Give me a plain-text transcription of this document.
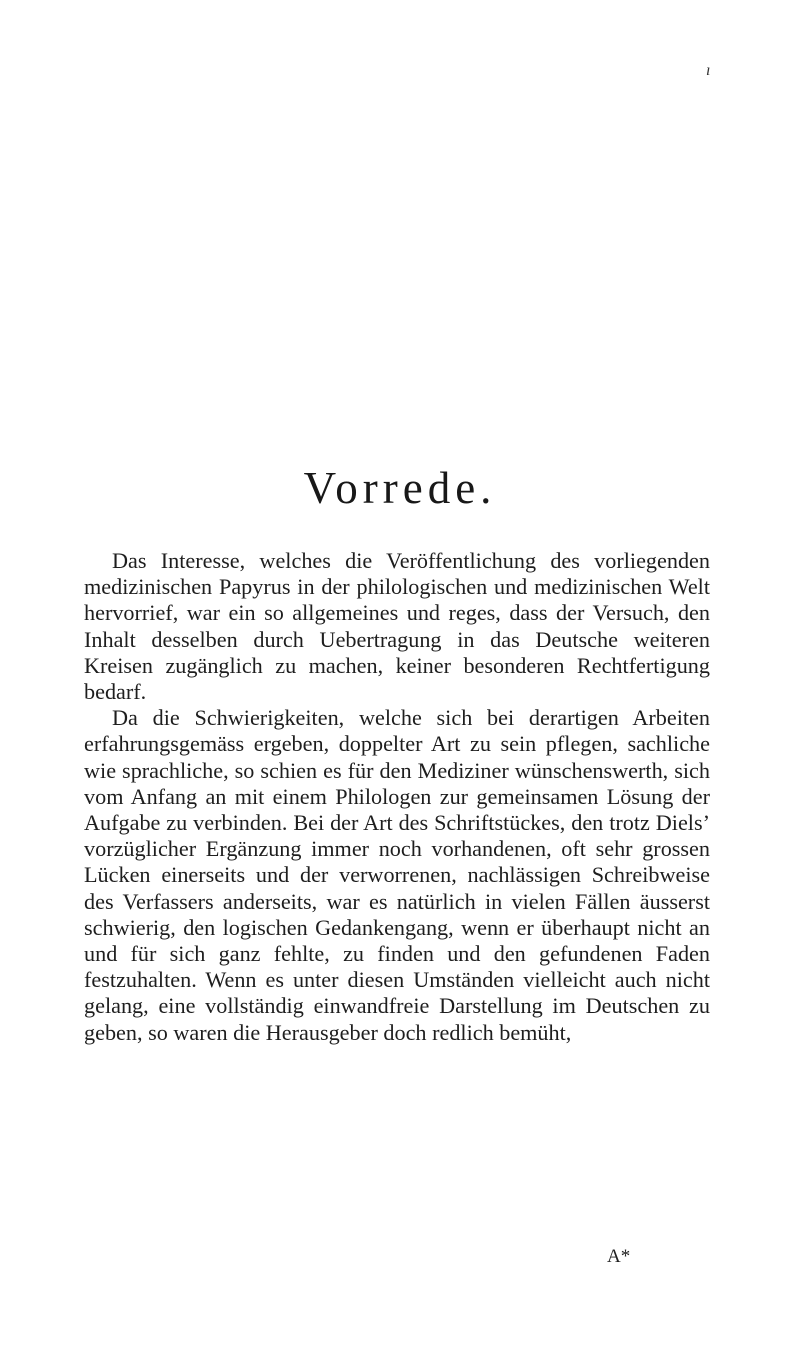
ı
Vorrede.

Das Interesse, welches die Veröffentlichung des vorliegenden medizinischen Papyrus in der philologischen und medizinischen Welt hervorrief, war ein so allgemeines und reges, dass der Versuch, den Inhalt desselben durch Uebertragung in das Deutsche weiteren Kreisen zugänglich zu machen, keiner besonderen Rechtfertigung bedarf.

Da die Schwierigkeiten, welche sich bei derartigen Arbeiten erfahrungsgemäss ergeben, doppelter Art zu sein pflegen, sachliche wie sprachliche, so schien es für den Mediziner wünschenswerth, sich vom Anfang an mit einem Philologen zur gemeinsamen Lösung der Aufgabe zu verbinden. Bei der Art des Schriftstückes, den trotz Diels’ vorzüglicher Ergänzung immer noch vorhandenen, oft sehr grossen Lücken einerseits und der verworrenen, nachlässigen Schreibweise des Verfassers anderseits, war es natürlich in vielen Fällen äusserst schwierig, den logischen Gedankengang, wenn er überhaupt nicht an und für sich ganz fehlte, zu finden und den gefundenen Faden festzuhalten. Wenn es unter diesen Umständen vielleicht auch nicht gelang, eine vollständig einwandfreie Darstellung im Deutschen zu geben, so waren die Herausgeber doch redlich bemüht,

A*
